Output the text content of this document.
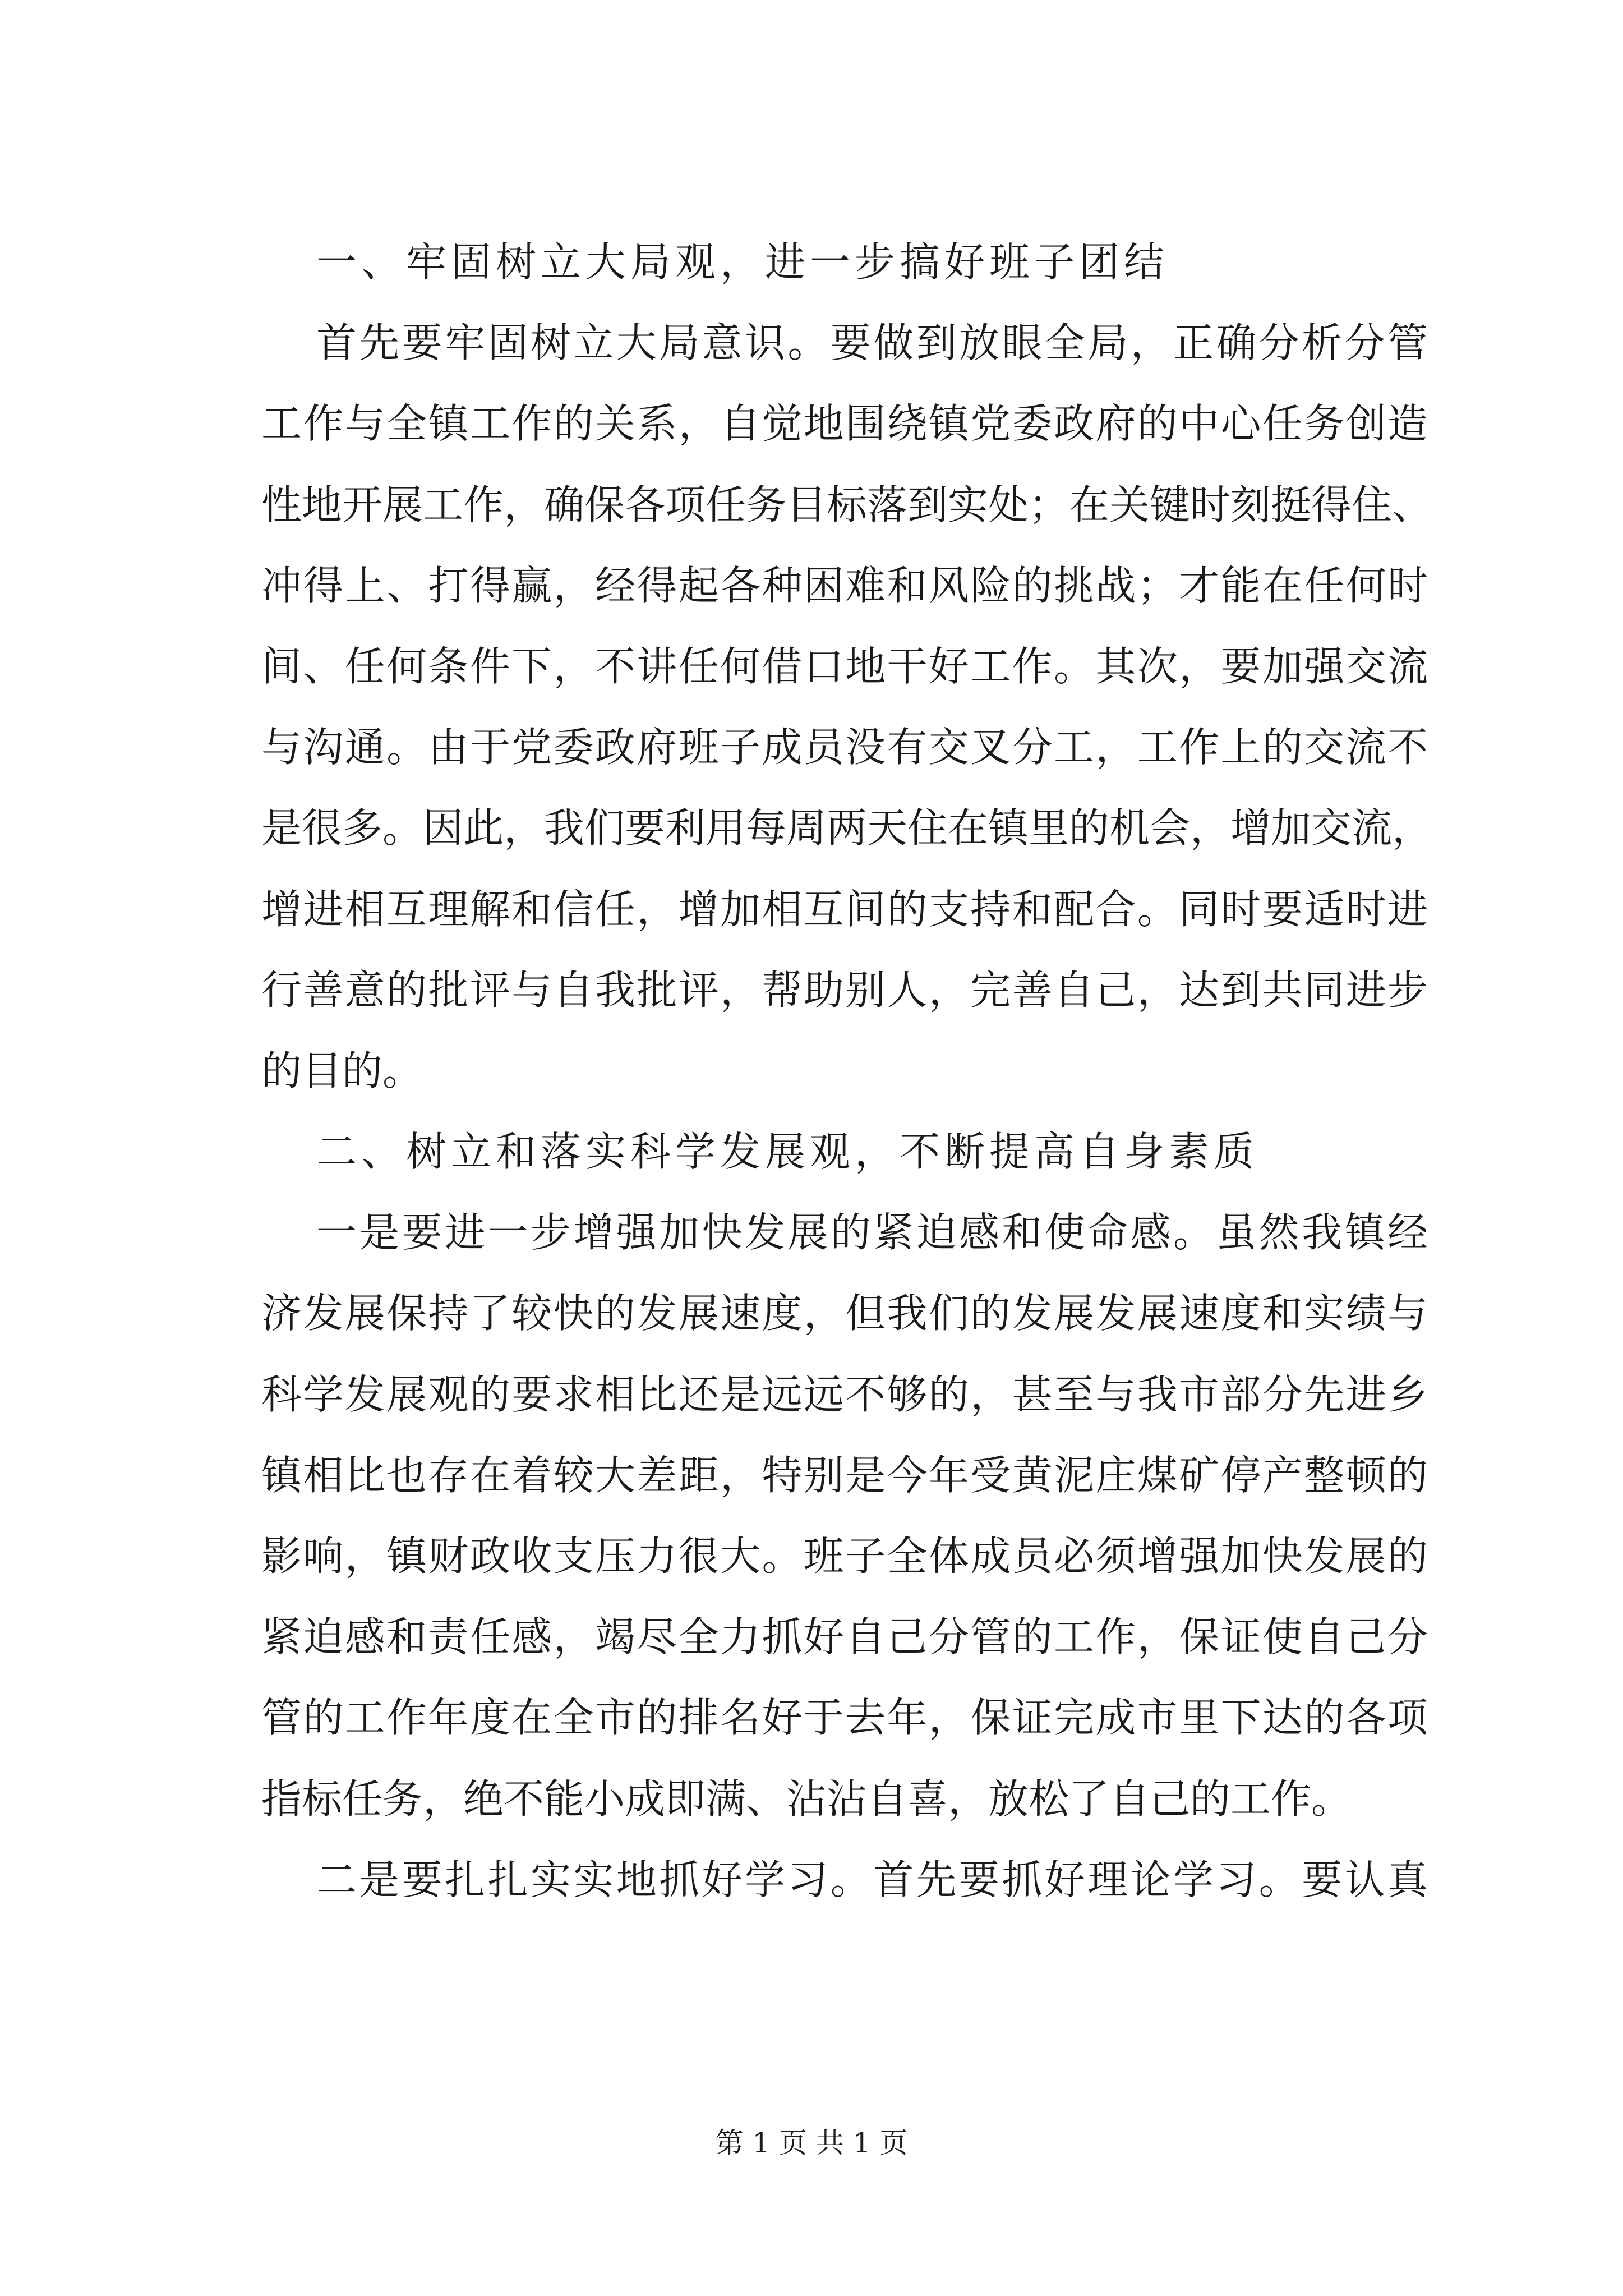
一、牢固树立大局观，进一步搞好班子团结
首先要牢固树立大局意识。要做到放眼全局，正确分析分管
工作与全镇工作的关系，自觉地围绕镇党委政府的中心任务创造
性地开展工作，确保各项任务目标落到实处；在关键时刻挺得住、
冲得上、打得赢，经得起各种困难和风险的挑战；才能在任何时
间、任何条件下，不讲任何借口地干好工作。其次，要加强交流
与沟通。由于党委政府班子成员没有交叉分工，工作上的交流不
是很多。因此，我们要利用每周两天住在镇里的机会，增加交流，
增进相互理解和信任，增加相互间的支持和配合。同时要适时进
行善意的批评与自我批评，帮助别人，完善自己，达到共同进步
的目的。
二、树立和落实科学发展观，不断提高自身素质
一是要进一步增强加快发展的紧迫感和使命感。虽然我镇经
济发展保持了较快的发展速度，但我们的发展发展速度和实绩与
科学发展观的要求相比还是远远不够的，甚至与我市部分先进乡
镇相比也存在着较大差距，特别是今年受黄泥庄煤矿停产整顿的
影响，镇财政收支压力很大。班子全体成员必须增强加快发展的
紧迫感和责任感，竭尽全力抓好自己分管的工作，保证使自己分
管的工作年度在全市的排名好于去年，保证完成市里下达的各项
指标任务，绝不能小成即满、沾沾自喜，放松了自己的工作。
二是要扎扎实实地抓好学习。首先要抓好理论学习。要认真
第 1 页 共 1 页
